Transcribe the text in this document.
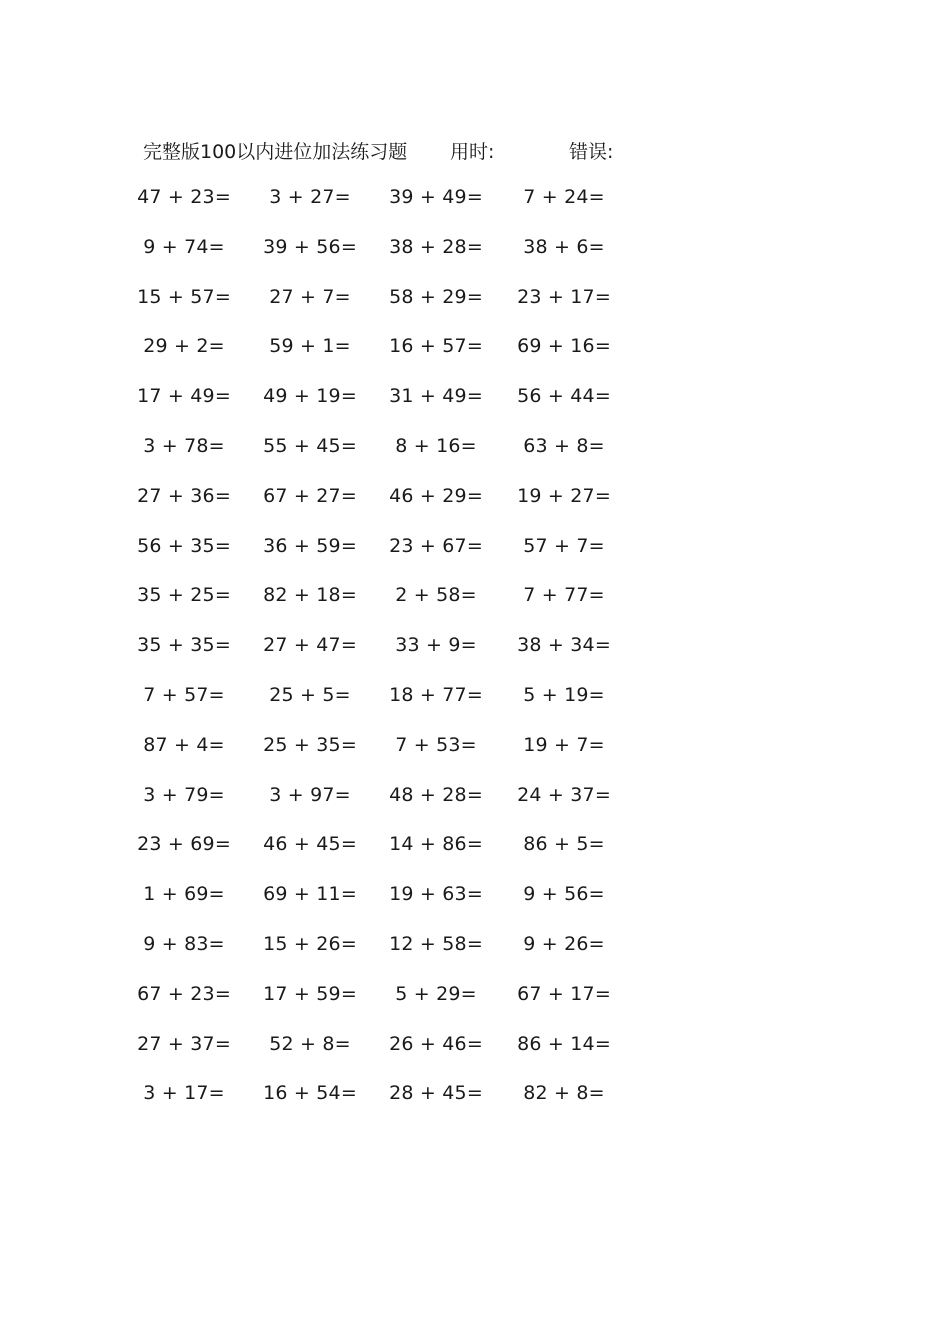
完整版100以内进位加法练习题 用时:	错误:
47 + 23= 3 + 27= 39 + 49= 7 + 24=
9 + 74= 39 + 56= 38 + 28= 38 + 6=
15 + 57= 27 + 7= 58 + 29= 23 + 17=
29 + 2= 59 + 1= 16 + 57= 69 + 16=
17 + 49= 49 + 19= 31 + 49= 56 + 44=
3 + 78= 55 + 45= 8 + 16= 63 + 8=
27 + 36= 67 + 27= 46 + 29= 19 + 27=
56 + 35= 36 + 59= 23 + 67= 57 + 7=
35 + 25= 82 + 18= 2 + 58= 7 + 77=
35 + 35= 27 + 47= 33 + 9= 38 + 34=
7 + 57= 25 + 5= 18 + 77= 5 + 19=
87 + 4= 25 + 35= 7 + 53= 19 + 7=
3 + 79= 3 + 97= 48 + 28= 24 + 37=
23 + 69= 46 + 45= 14 + 86= 86 + 5=
1 + 69= 69 + 11= 19 + 63= 9 + 56=
9 + 83= 15 + 26= 12 + 58= 9 + 26=
67 + 23= 17 + 59= 5 + 29= 67 + 17=
27 + 37= 52 + 8= 26 + 46= 86 + 14=
3 + 17= 16 + 54= 28 + 45= 82 + 8=
